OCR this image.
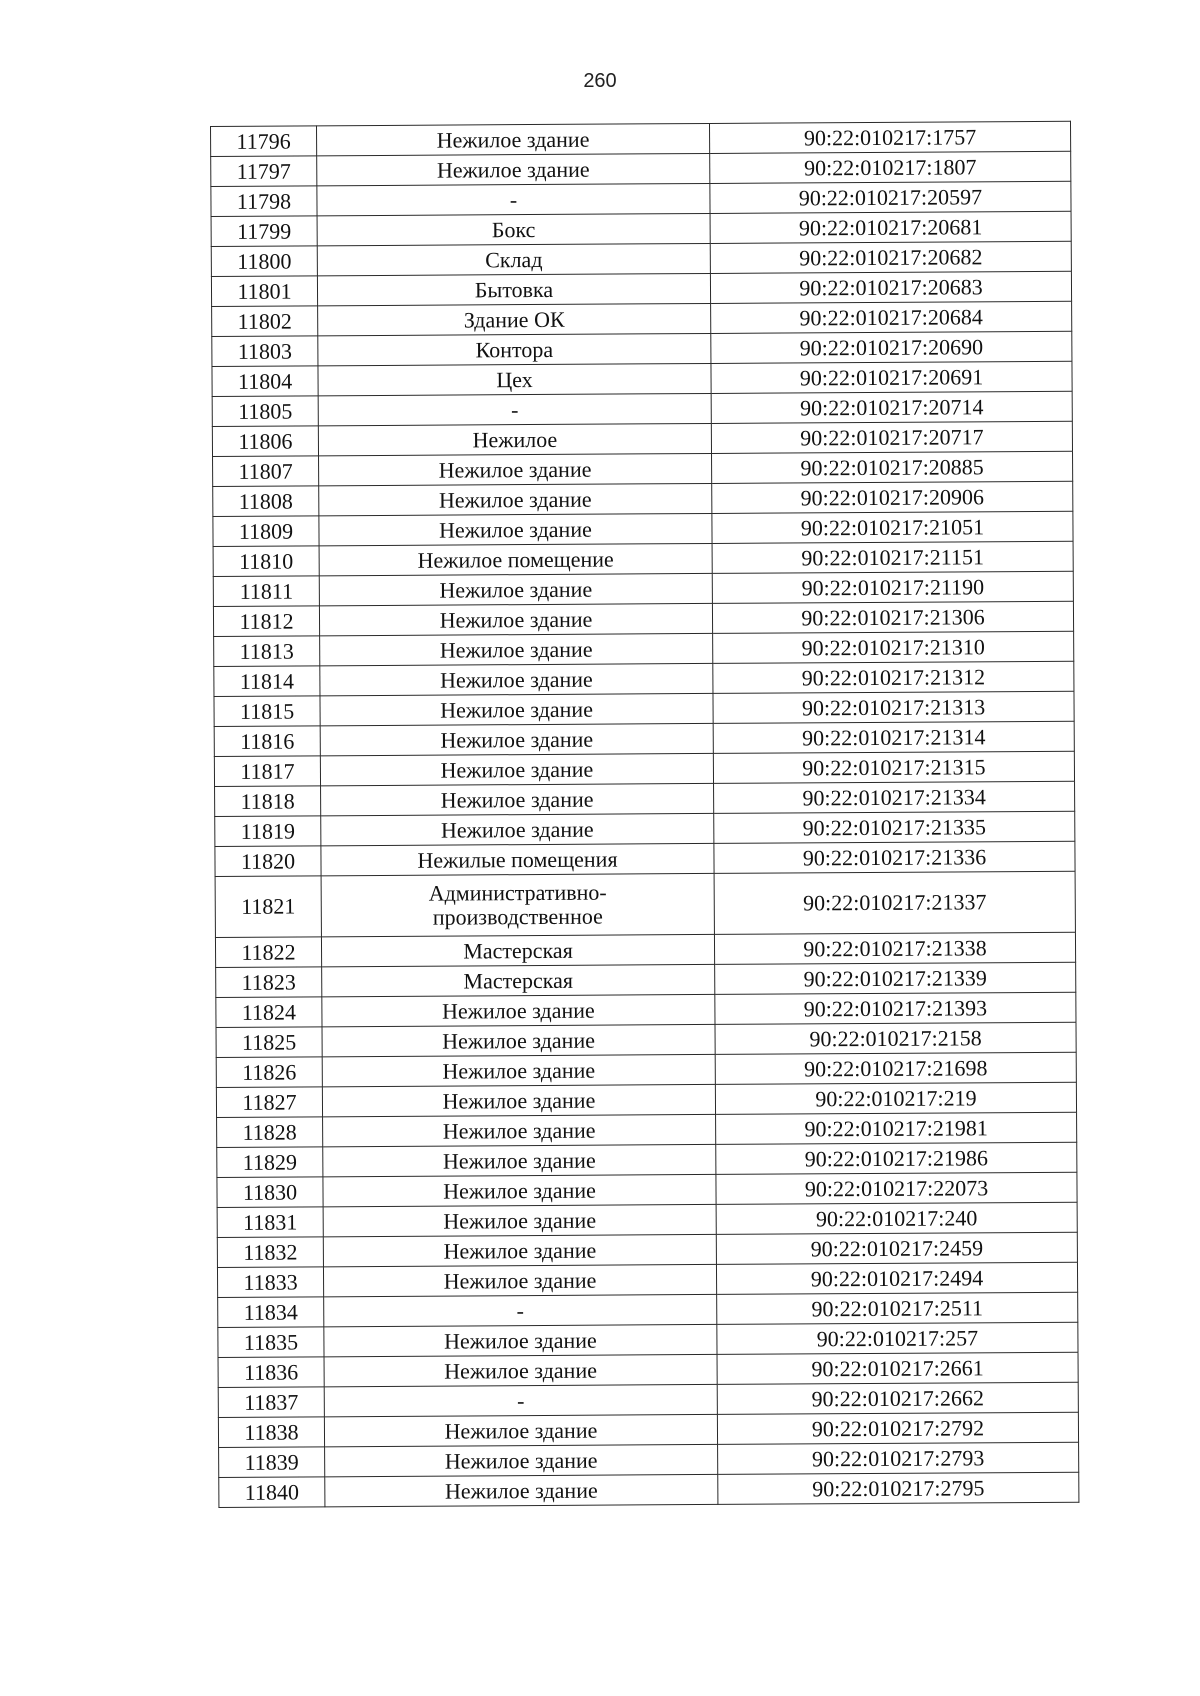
260
11796	Нежилое здание	90:22:010217:1757
11797	Нежилое здание	90:22:010217:1807
11798	-	90:22:010217:20597
11799	Бокс	90:22:010217:20681
11800	Склад	90:22:010217:20682
11801	Бытовка	90:22:010217:20683
11802	Здание ОК	90:22:010217:20684
11803	Контора	90:22:010217:20690
11804	Цех	90:22:010217:20691
11805	-	90:22:010217:20714
11806	Нежилое	90:22:010217:20717
11807	Нежилое здание	90:22:010217:20885
11808	Нежилое здание	90:22:010217:20906
11809	Нежилое здание	90:22:010217:21051
11810	Нежилое помещение	90:22:010217:21151
11811	Нежилое здание	90:22:010217:21190
11812	Нежилое здание	90:22:010217:21306
11813	Нежилое здание	90:22:010217:21310
11814	Нежилое здание	90:22:010217:21312
11815	Нежилое здание	90:22:010217:21313
11816	Нежилое здание	90:22:010217:21314
11817	Нежилое здание	90:22:010217:21315
11818	Нежилое здание	90:22:010217:21334
11819	Нежилое здание	90:22:010217:21335
11820	Нежилые помещения	90:22:010217:21336
11821	Административно-
производственное	90:22:010217:21337
11822	Мастерская	90:22:010217:21338
11823	Мастерская	90:22:010217:21339
11824	Нежилое здание	90:22:010217:21393
11825	Нежилое здание	90:22:010217:2158
11826	Нежилое здание	90:22:010217:21698
11827	Нежилое здание	90:22:010217:219
11828	Нежилое здание	90:22:010217:21981
11829	Нежилое здание	90:22:010217:21986
11830	Нежилое здание	90:22:010217:22073
11831	Нежилое здание	90:22:010217:240
11832	Нежилое здание	90:22:010217:2459
11833	Нежилое здание	90:22:010217:2494
11834	-	90:22:010217:2511
11835	Нежилое здание	90:22:010217:257
11836	Нежилое здание	90:22:010217:2661
11837	-	90:22:010217:2662
11838	Нежилое здание	90:22:010217:2792
11839	Нежилое здание	90:22:010217:2793
11840	Нежилое здание	90:22:010217:2795
